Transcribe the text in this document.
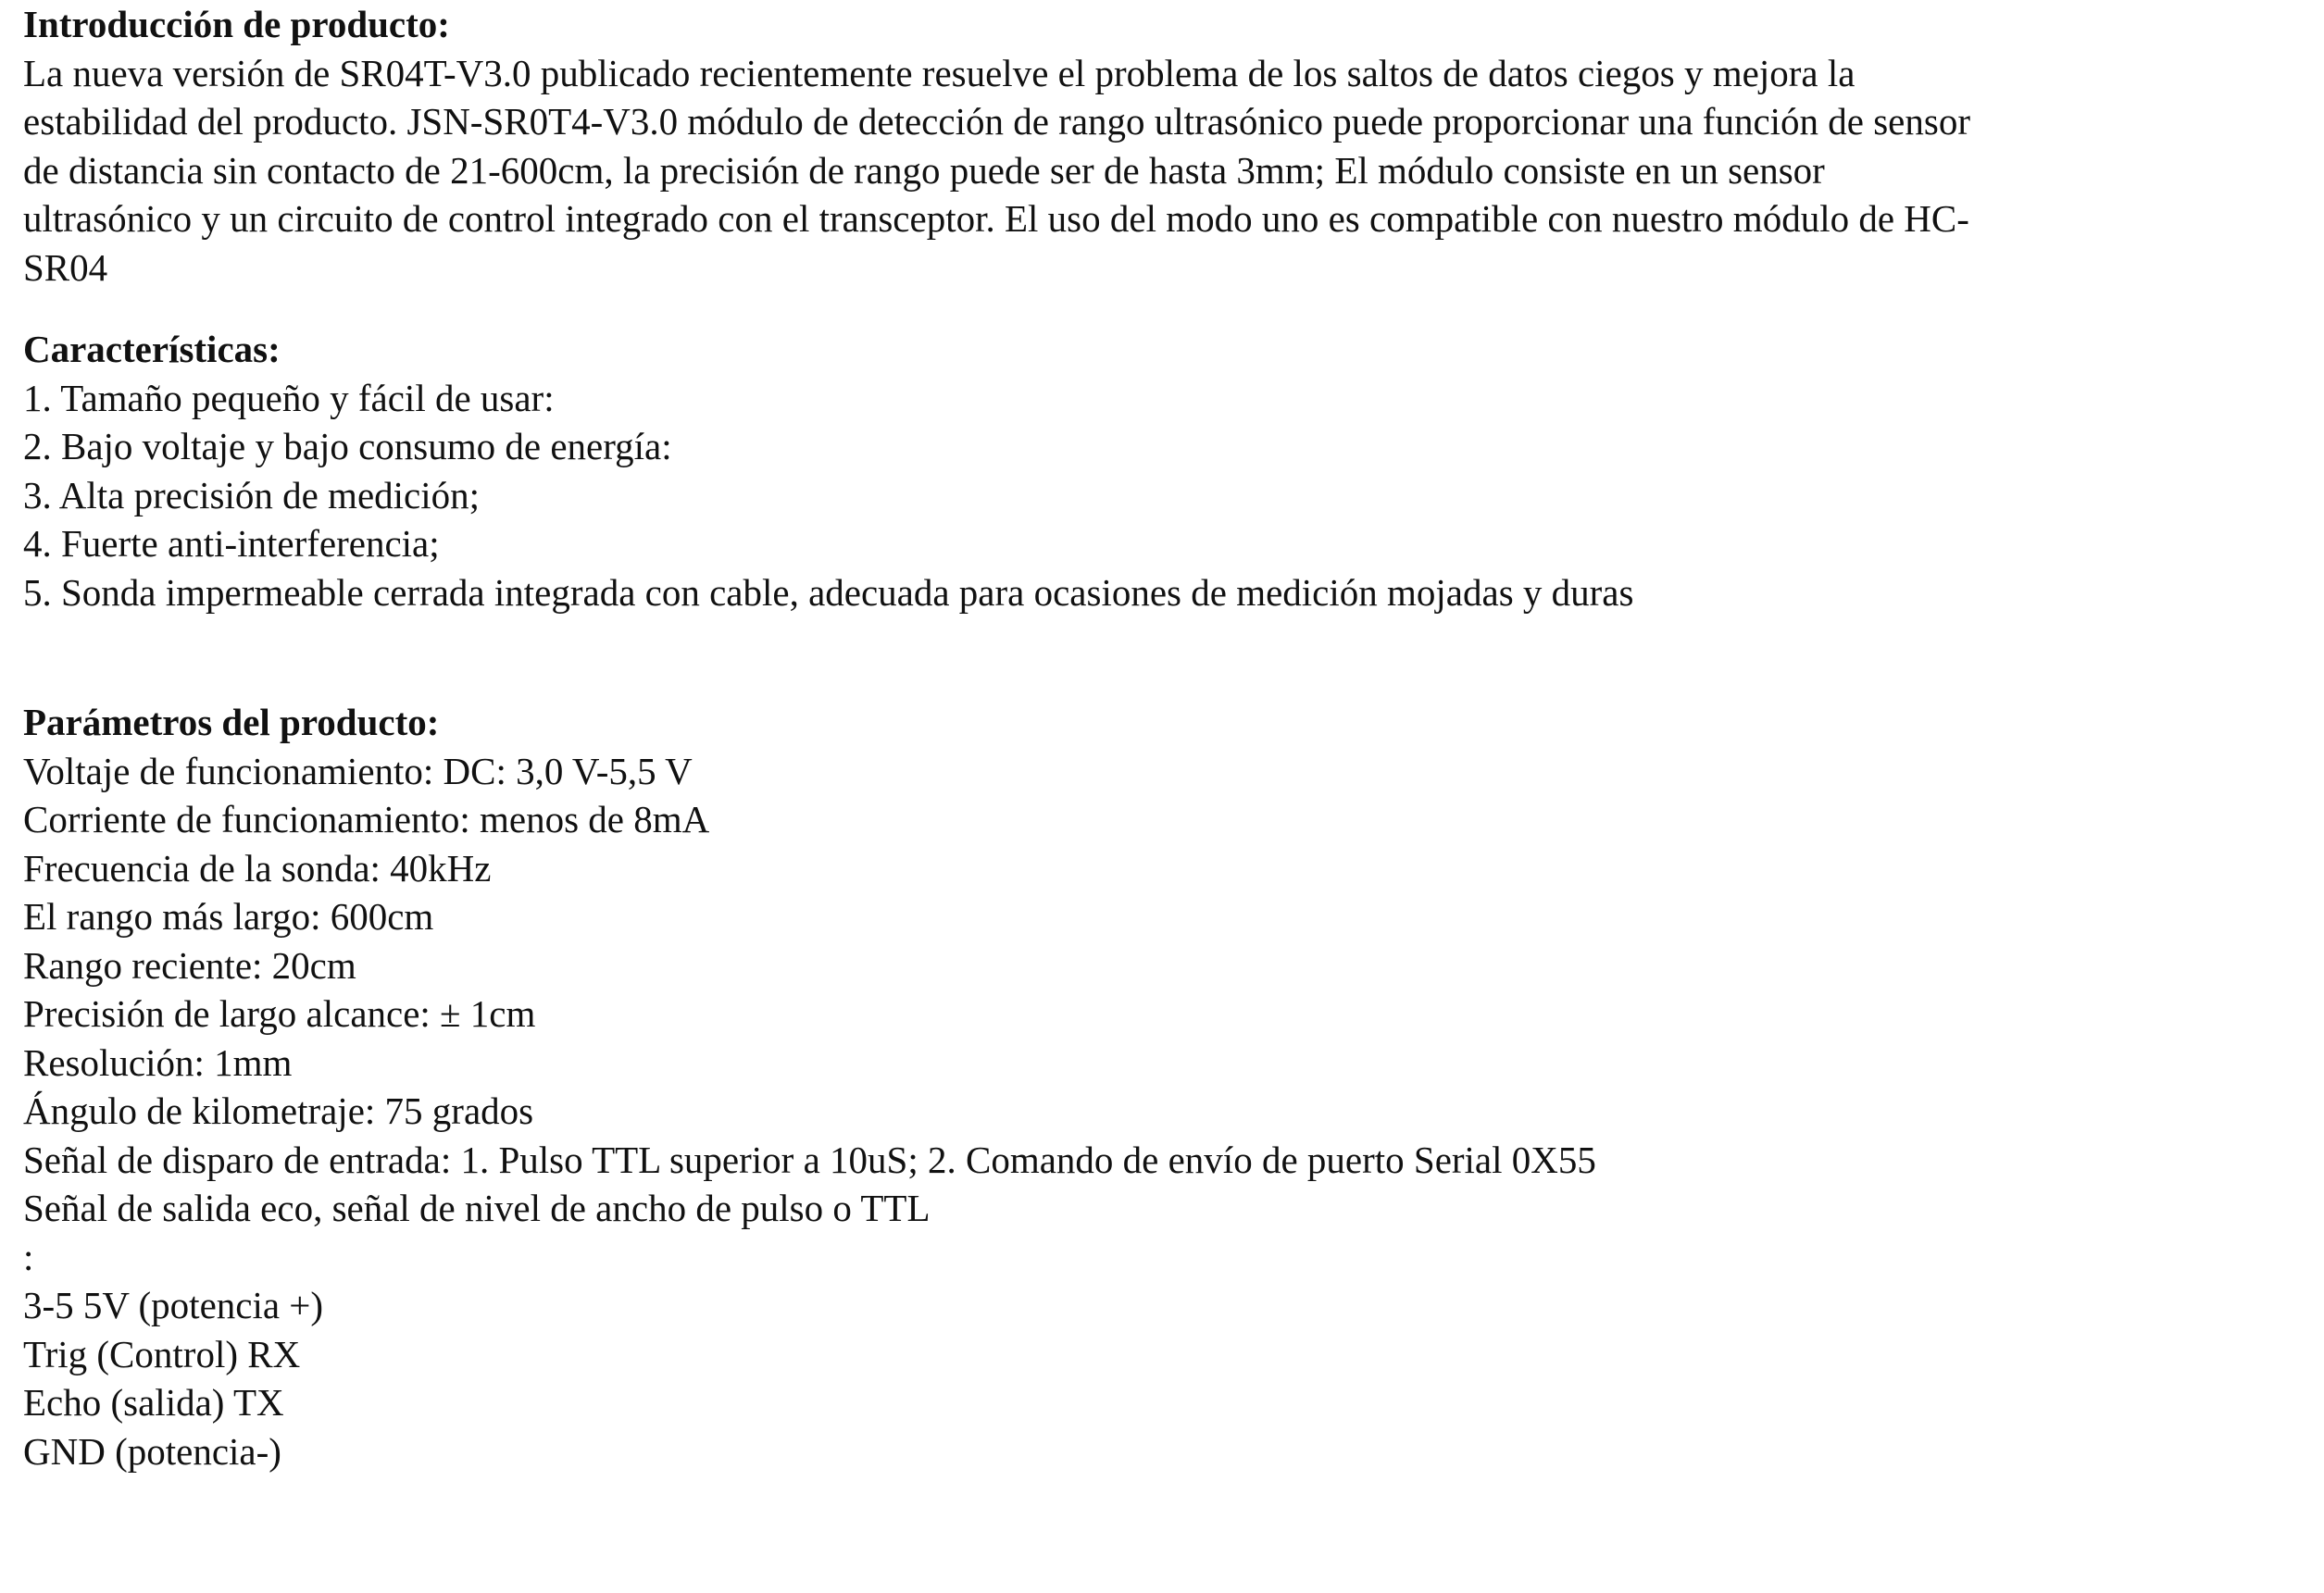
Introducción de producto:
La nueva versión de SR04T-V3.0 publicado recientemente resuelve el problema de los saltos de datos ciegos y mejora la
estabilidad del producto. JSN-SR0T4-V3.0 módulo de detección de rango ultrasónico puede proporcionar una función de sensor
de distancia sin contacto de 21-600cm, la precisión de rango puede ser de hasta 3mm; El módulo consiste en un sensor
ultrasónico y un circuito de control integrado con el transceptor. El uso del modo uno es compatible con nuestro módulo de HC-
SR04
Características:
1. Tamaño pequeño y fácil de usar:
2. Bajo voltaje y bajo consumo de energía:
3. Alta precisión de medición;
4. Fuerte anti-interferencia;
5. Sonda impermeable cerrada integrada con cable, adecuada para ocasiones de medición mojadas y duras
Parámetros del producto:
Voltaje de funcionamiento: DC: 3,0 V-5,5 V
Corriente de funcionamiento: menos de 8mA
Frecuencia de la sonda: 40kHz
El rango más largo: 600cm
Rango reciente: 20cm
Precisión de largo alcance: ± 1cm
Resolución: 1mm
Ángulo de kilometraje: 75 grados
Señal de disparo de entrada: 1. Pulso TTL superior a 10uS; 2. Comando de envío de puerto Serial 0X55
Señal de salida eco, señal de nivel de ancho de pulso o TTL
:
3-5 5V (potencia +)
Trig (Control) RX
Echo (salida) TX
GND (potencia-)
